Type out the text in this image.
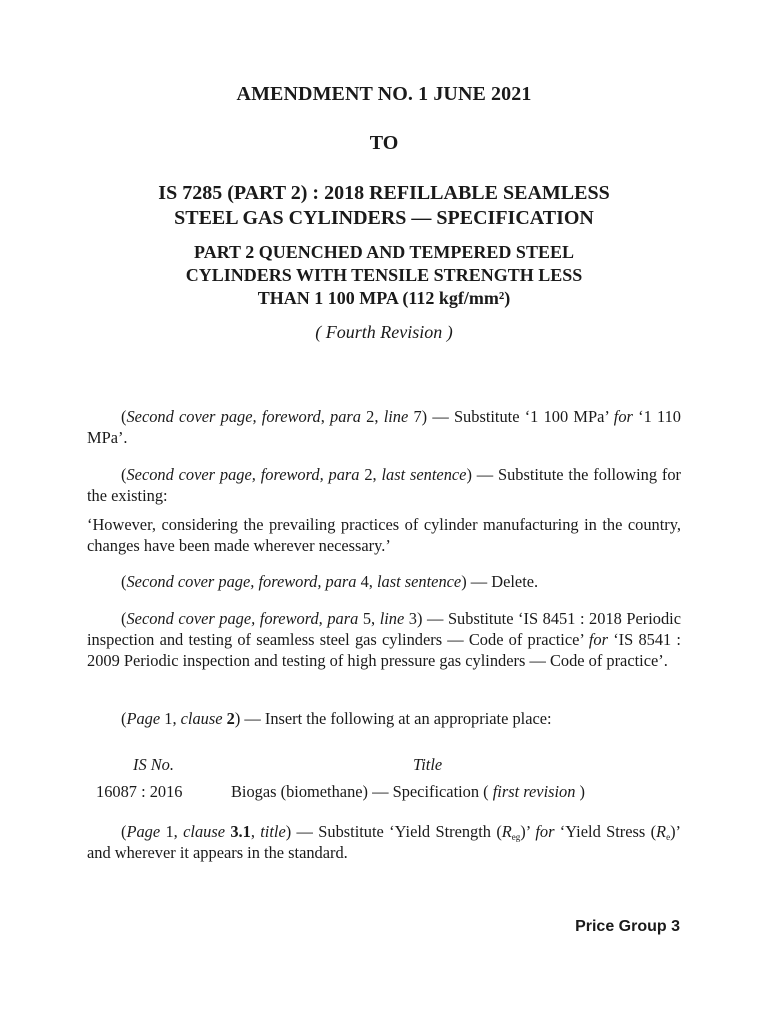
AMENDMENT NO. 1 JUNE 2021
TO
IS 7285 (PART 2) : 2018 REFILLABLE SEAMLESS
STEEL GAS CYLINDERS — SPECIFICATION
PART 2 QUENCHED AND TEMPERED STEEL
CYLINDERS WITH TENSILE STRENGTH LESS
THAN 1 100 MPA (112 kgf/mm²)
( Fourth Revision )

(Second cover page, foreword, para 2, line 7) — Substitute ‘1 100 MPa’ for ‘1 110 MPa’.

(Second cover page, foreword, para 2, last sentence) — Substitute the following for the existing:

‘However, considering the prevailing practices of cylinder manufacturing in the country, changes have been made wherever necessary.’

(Second cover page, foreword, para 4, last sentence) — Delete.

(Second cover page, foreword, para 5, line 3) — Substitute ‘IS 8451 : 2018 Periodic inspection and testing of seamless steel gas cylinders — Code of practice’ for ‘IS 8541 : 2009 Periodic inspection and testing of high pressure gas cylinders — Code of practice’.

(Page 1, clause 2) — Insert the following at an appropriate place:

(Page 1, clause 3.1, title) — Substitute ‘Yield Strength $(R_{eg})$’ for ‘Yield Stress $(R_e)$’ and wherever it appears in the standard.

IS No.	Title
16087 : 2016	Biogas (biomethane) — Specification ( first revision )
Price Group 3
